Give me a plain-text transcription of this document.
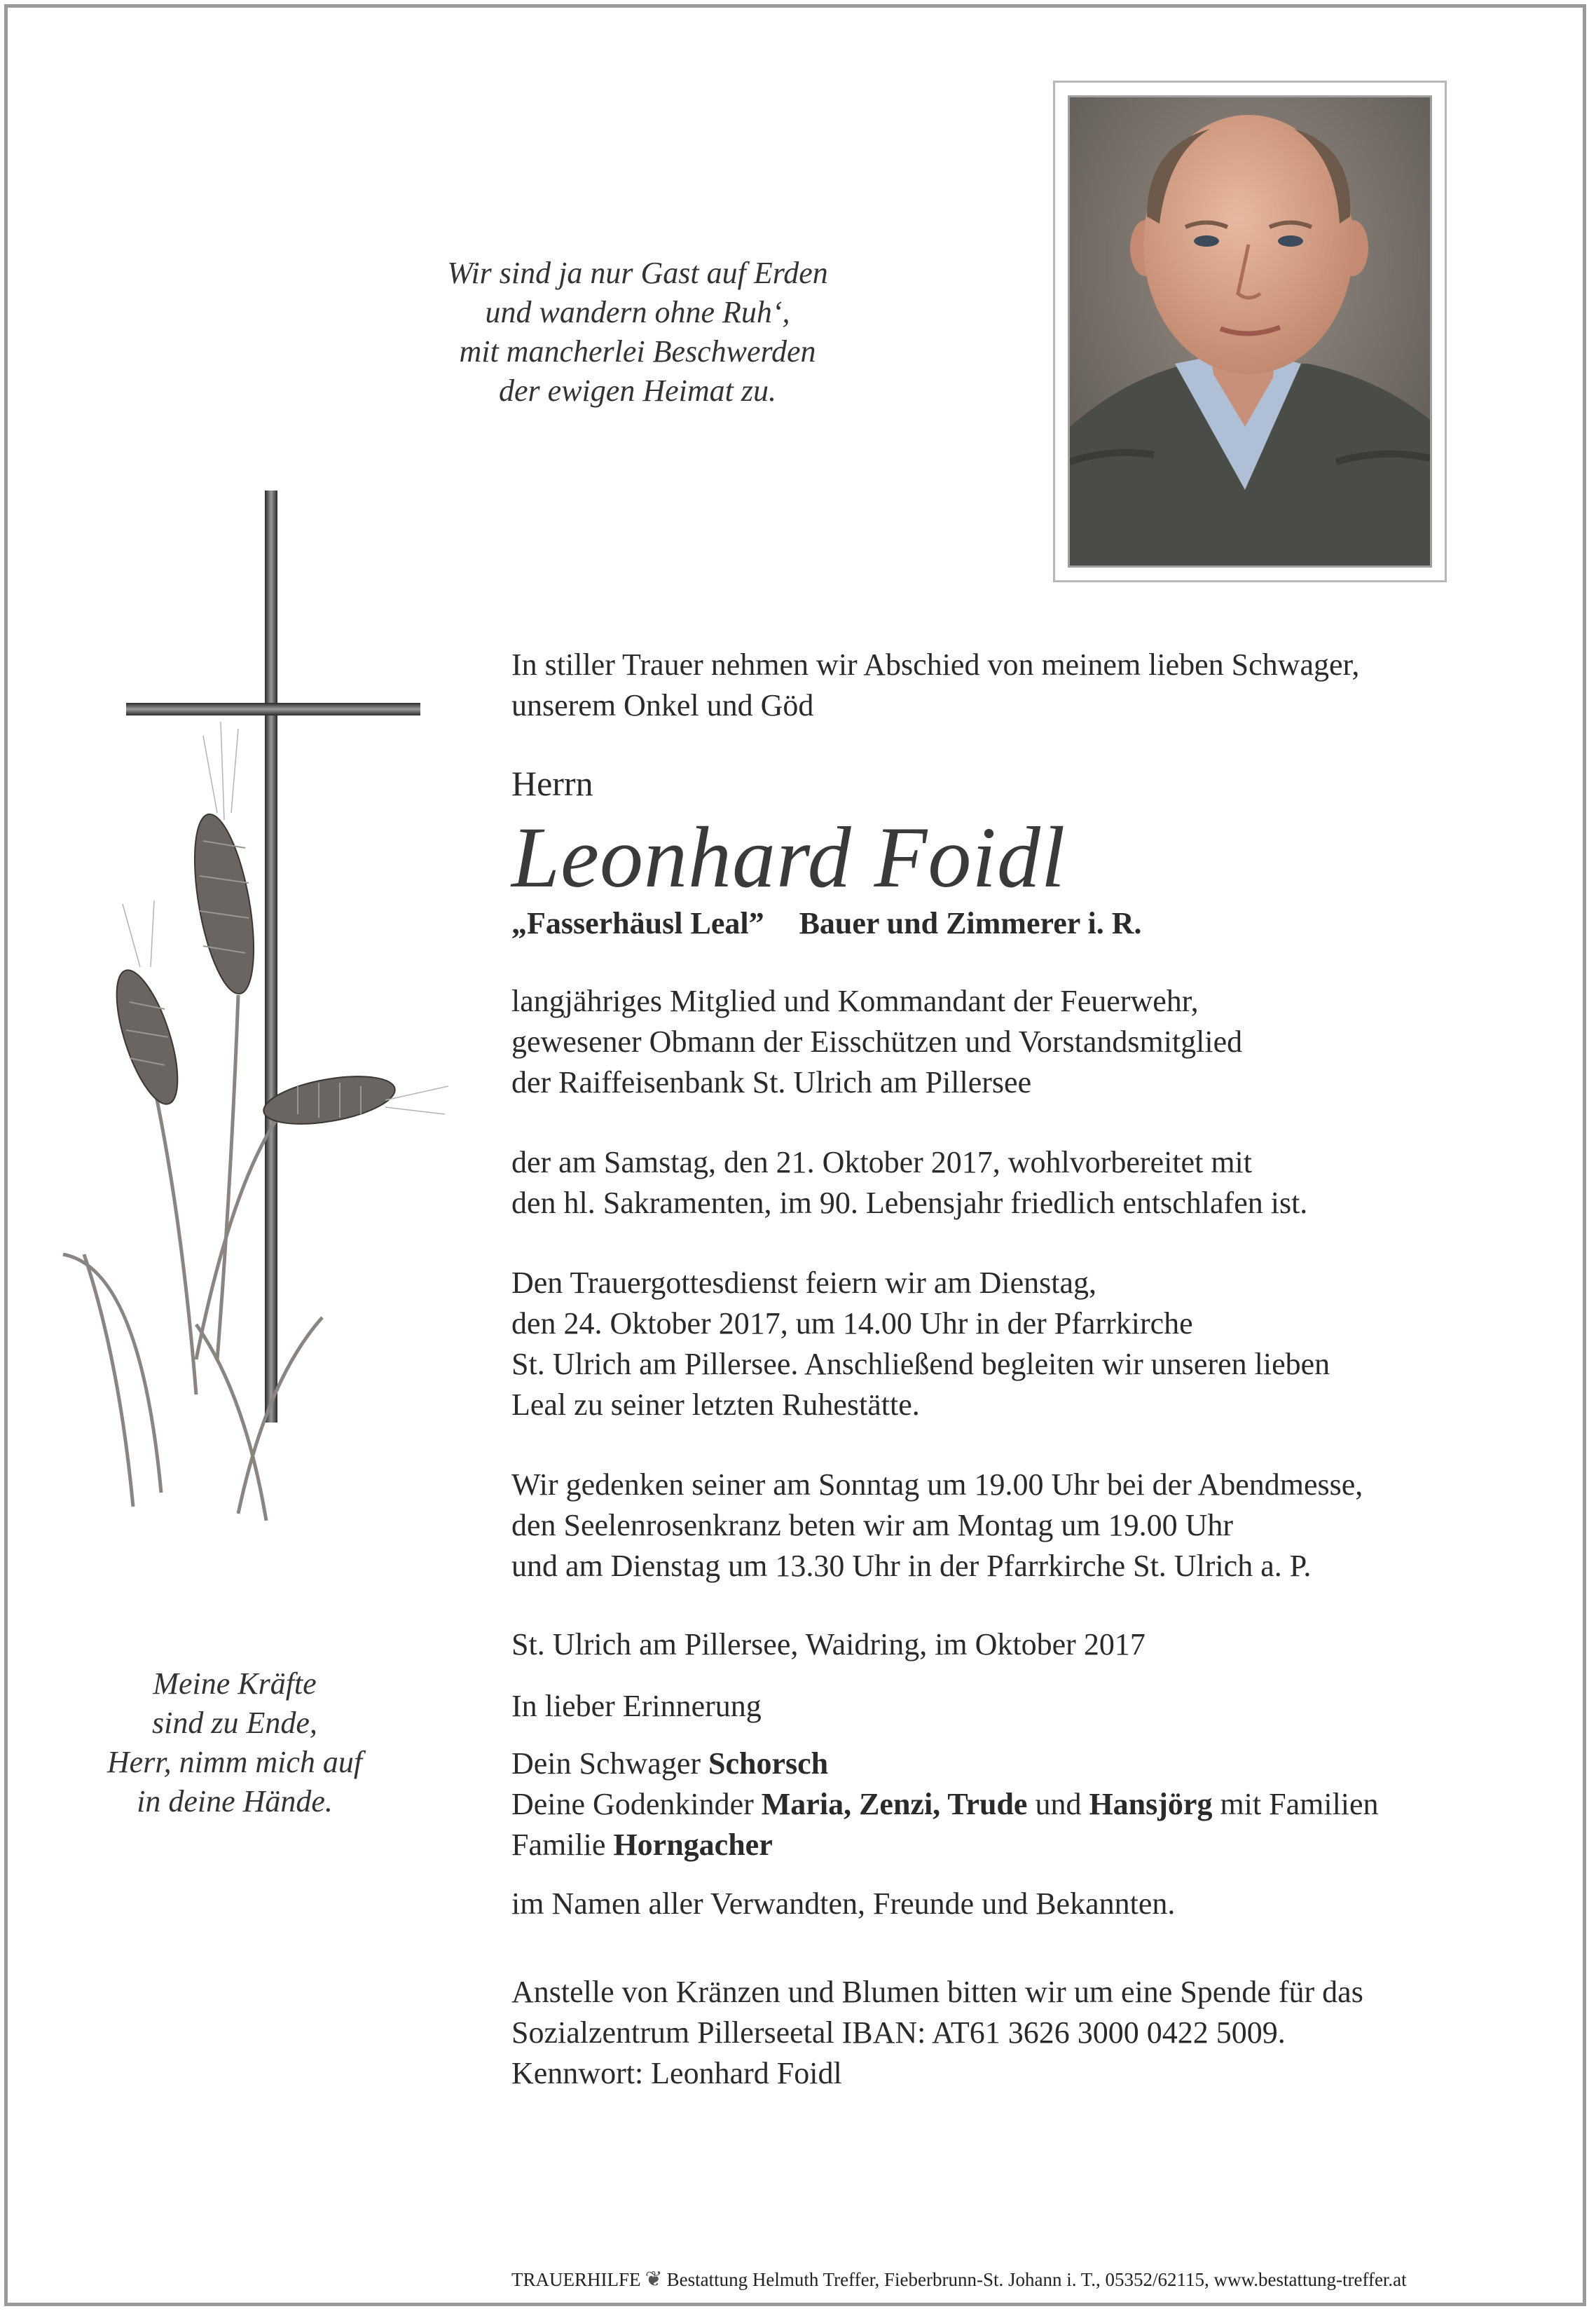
Wir sind ja nur Gast auf Erden
und wandern ohne Ruh‘,
mit mancherlei Beschwerden
der ewigen Heimat zu.
Meine Kräfte
sind zu Ende,
Herr, nimm mich auf
in deine Hände.

In stiller Trauer nehmen wir Abschied von meinem lieben Schwager,
unserem Onkel und Göd

Herrn

Leonhard Foidl

„Fasserhäusl Leal” Bauer und Zimmerer i. R.

langjähriges Mitglied und Kommandant der Feuerwehr,
gewesener Obmann der Eisschützen und Vorstandsmitglied
der Raiffeisenbank St. Ulrich am Pillersee

der am Samstag, den 21. Oktober 2017, wohlvorbereitet mit
den hl. Sakramenten, im 90. Lebensjahr friedlich entschlafen ist.

Den Trauergottesdienst feiern wir am Dienstag,
den 24. Oktober 2017, um 14.00 Uhr in der Pfarrkirche
St. Ulrich am Pillersee. Anschließend begleiten wir unseren lieben
Leal zu seiner letzten Ruhestätte.

Wir gedenken seiner am Sonntag um 19.00 Uhr bei der Abendmesse,
den Seelenrosenkranz beten wir am Montag um 19.00 Uhr
und am Dienstag um 13.30 Uhr in der Pfarrkirche St. Ulrich a. P.

St. Ulrich am Pillersee, Waidring, im Oktober 2017

In lieber Erinnerung

Dein Schwager Schorsch

Deine Godenkinder Maria, Zenzi, Trude und Hansjörg mit Familien

Familie Horngacher

im Namen aller Verwandten, Freunde und Bekannten.

Anstelle von Kränzen und Blumen bitten wir um eine Spende für das
Sozialzentrum Pillerseetal IBAN: AT61 3626 3000 0422 5009.
Kennwort: Leonhard Foidl

TRAUERHILFE ❦ Bestattung Helmuth Treffer, Fieberbrunn-St. Johann i. T., 05352/62115, www.bestattung-treffer.at
